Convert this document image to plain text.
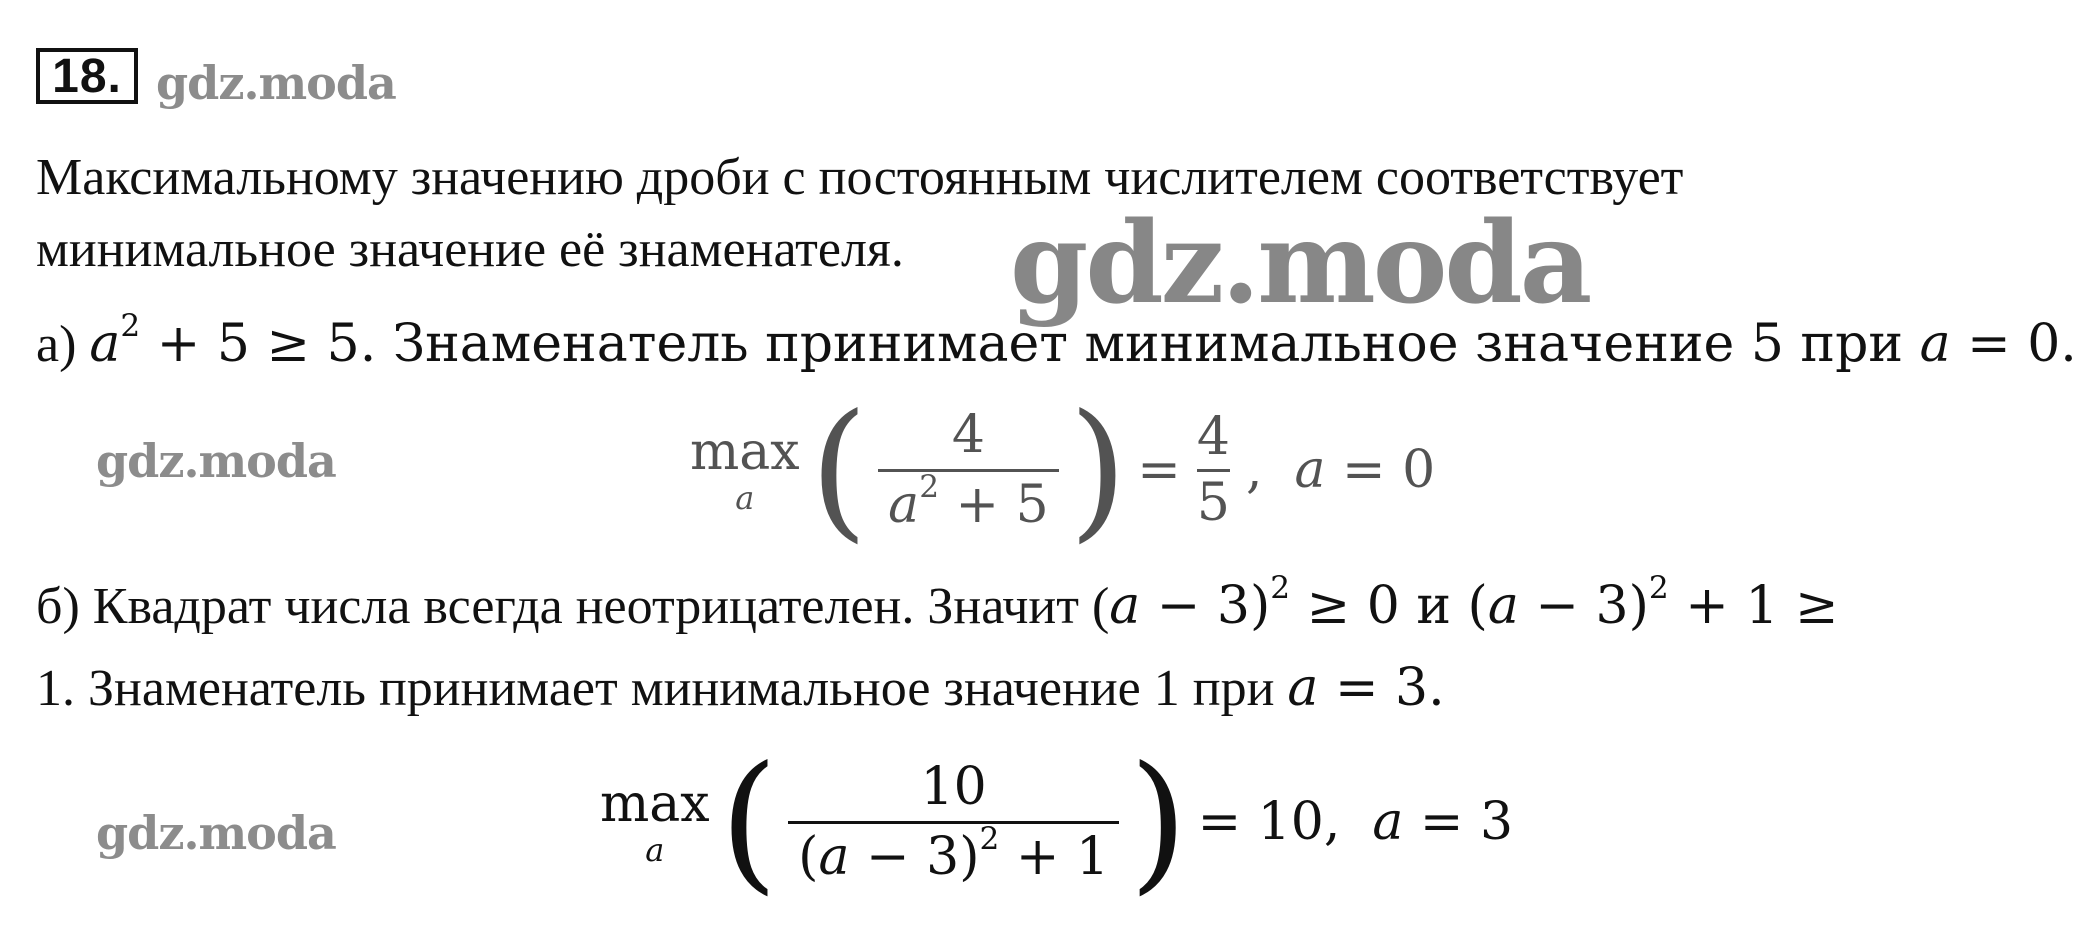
18. gdz.moda
Максимальному значению дроби с постоянным числителем соответствует
минимальное значение её знаменателя. gdz.moda
а) $a^2 + 5 \ge 5$. Знаменатель принимает минимальное значение 5 при a = 0.
gdz.moda	max
a ( $\frac{4}{a^2 + 5}$ ) = $\frac{4}{5}$ , a = 0
б) Квадрат числа всегда неотрицателен. Значит $(a - 3)^2 \ge 0$ и $(a - 3)^2 + 1$ ≥
1. Знаменатель принимает минимальное значение 1 при a = 3.
gdz.moda	max
a ( $\frac{10}{(a - 3)^2 + 1}$ ) = 10, a = 3
